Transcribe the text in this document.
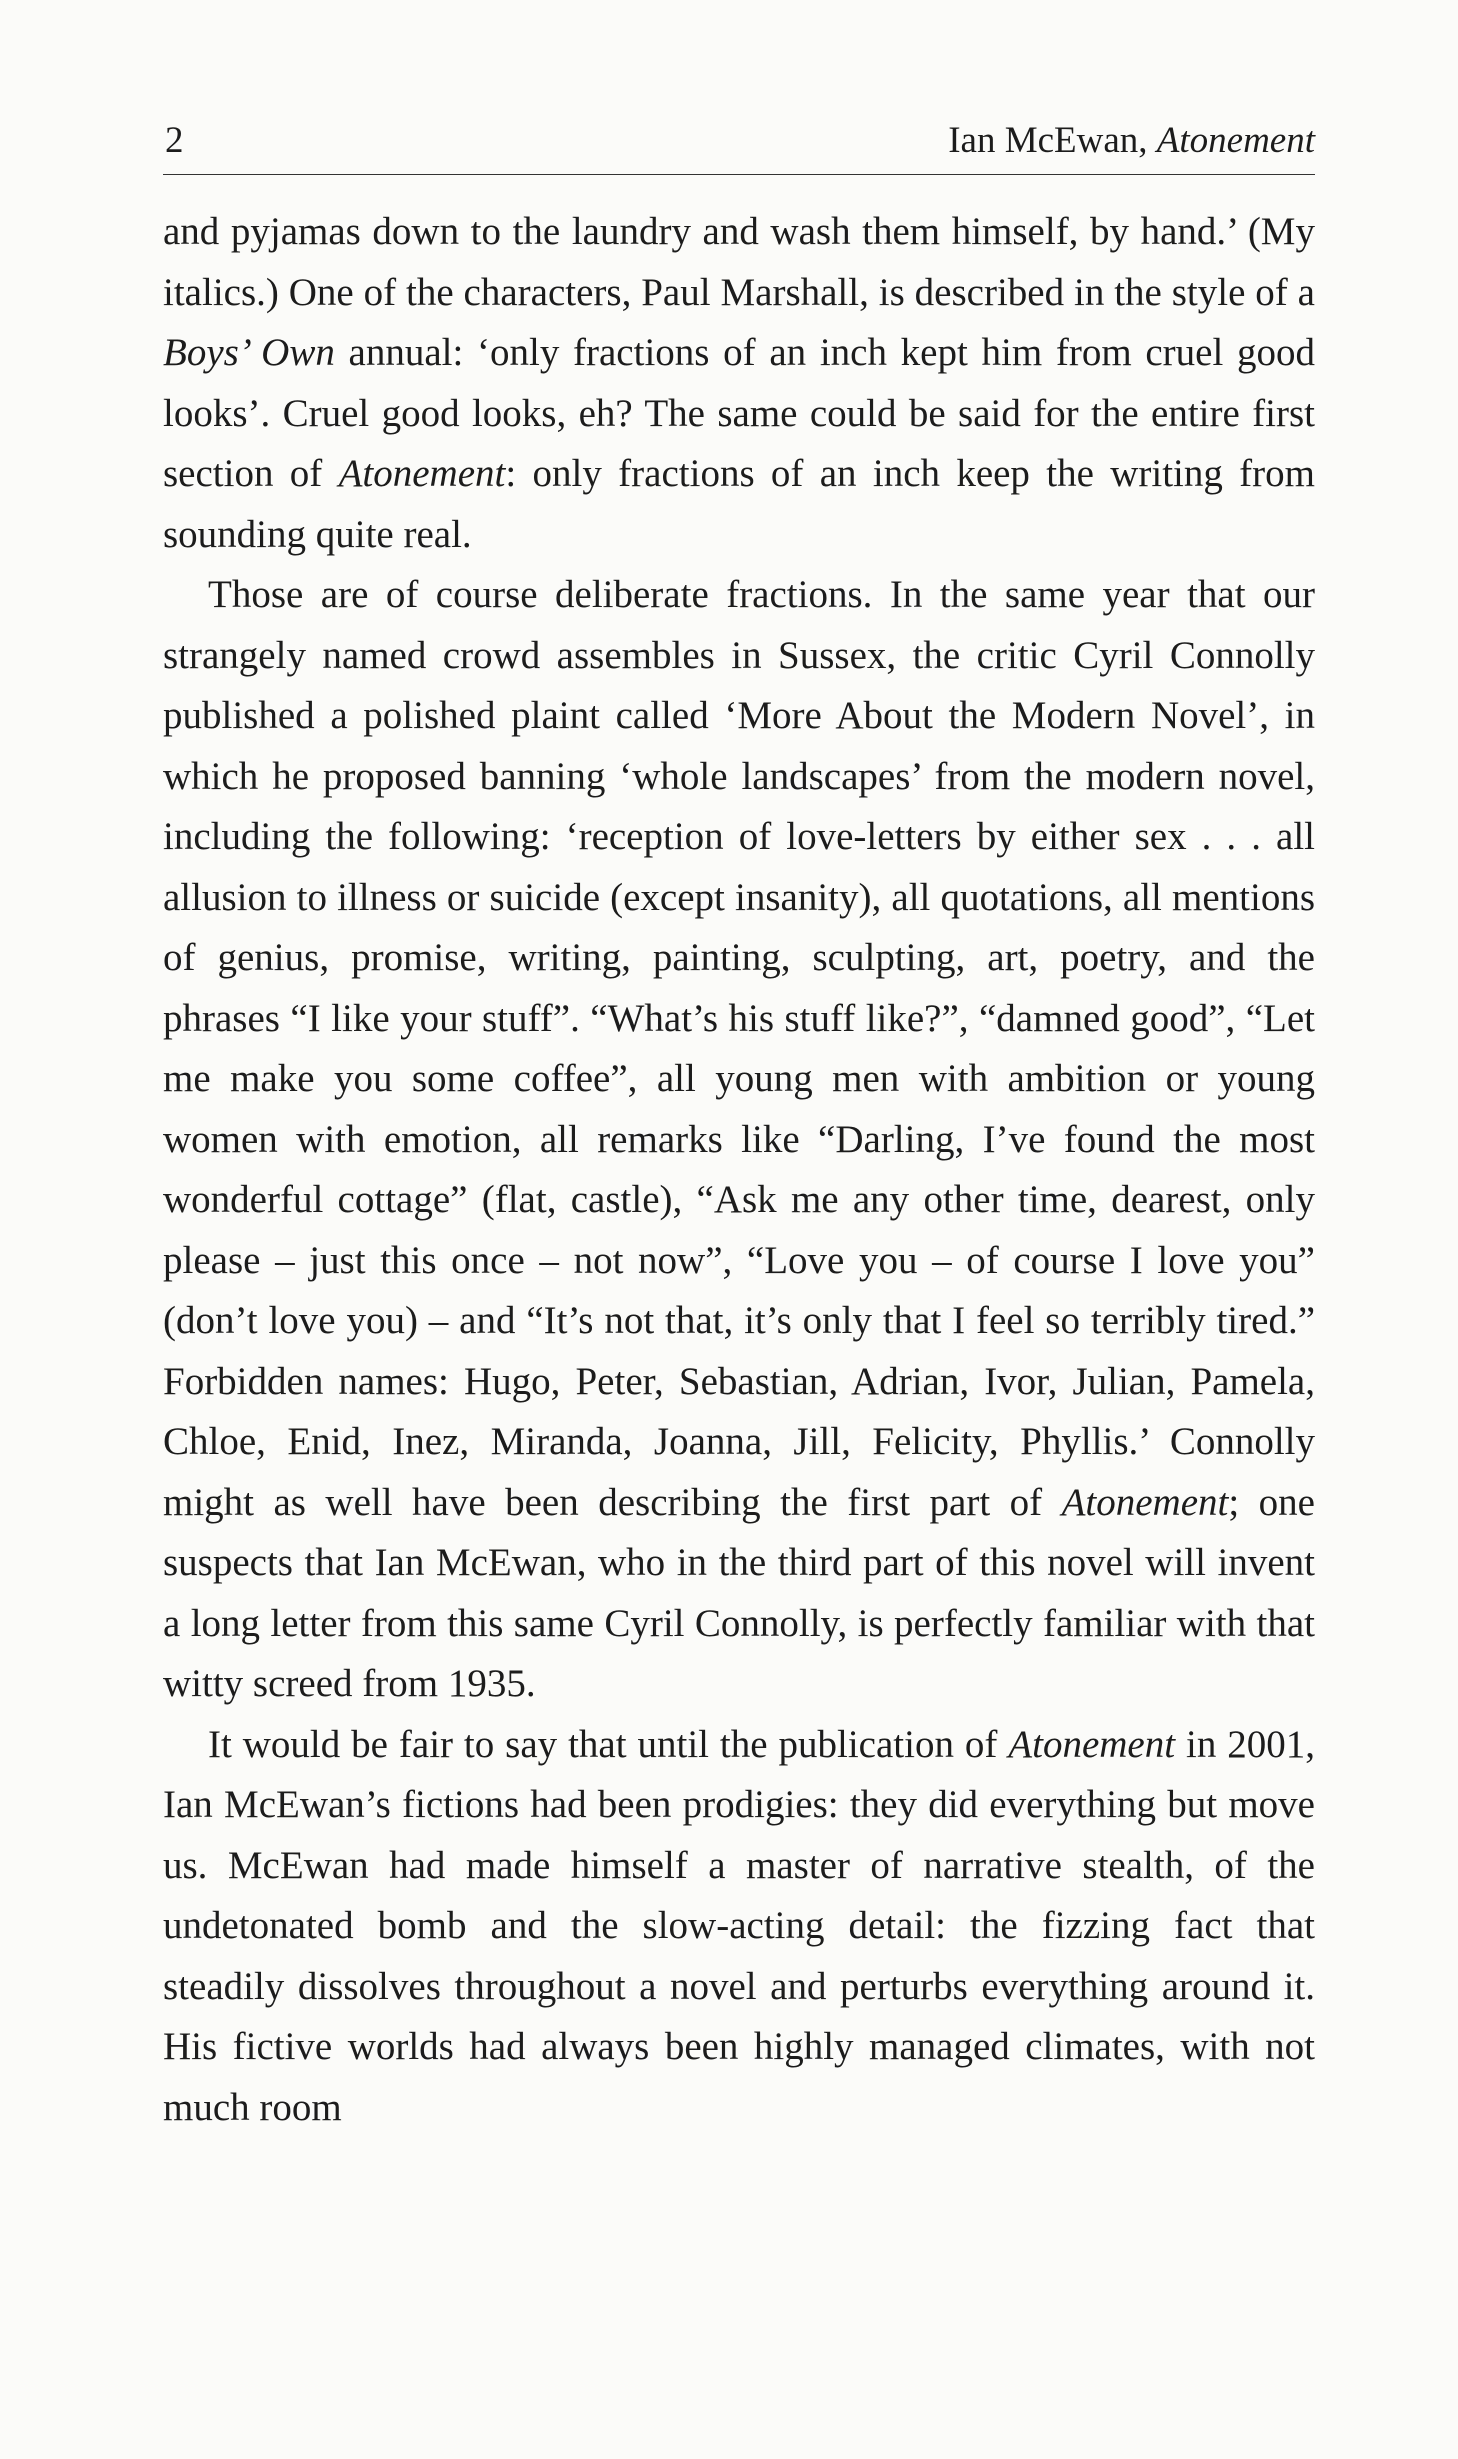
2	Ian McEwan, Atonement

and pyjamas down to the laundry and wash them himself, by hand.’ (My italics.) One of the characters, Paul Marshall, is described in the style of a Boys’ Own annual: ‘only fractions of an inch kept him from cruel good looks’. Cruel good looks, eh? The same could be said for the entire first section of Atonement: only fractions of an inch keep the writing from sounding quite real.

Those are of course deliberate fractions. In the same year that our strangely named crowd assembles in Sussex, the critic Cyril Connolly published a polished plaint called ‘More About the Modern Novel’, in which he proposed banning ‘whole landscapes’ from the modern novel, including the following: ‘reception of love-letters by either sex . . . all allusion to illness or suicide (except insanity), all quotations, all mentions of genius, promise, writing, painting, sculpting, art, poetry, and the phrases “I like your stuff”. “What’s his stuff like?”, “damned good”, “Let me make you some coffee”, all young men with ambition or young women with emotion, all remarks like “Darling, I’ve found the most wonderful cottage” (flat, castle), “Ask me any other time, dearest, only please – just this once – not now”, “Love you – of course I love you” (don’t love you) – and “It’s not that, it’s only that I feel so terribly tired.” Forbidden names: Hugo, Peter, Sebastian, Adrian, Ivor, Julian, Pamela, Chloe, Enid, Inez, Miranda, Joanna, Jill, Felicity, Phyllis.’ Connolly might as well have been describing the first part of Atonement; one suspects that Ian McEwan, who in the third part of this novel will invent a long letter from this same Cyril Connolly, is perfectly familiar with that witty screed from 1935.

It would be fair to say that until the publication of Atonement in 2001, Ian McEwan’s fictions had been prodigies: they did everything but move us. McEwan had made himself a master of narrative stealth, of the undetonated bomb and the slow-acting detail: the fizzing fact that steadily dissolves throughout a novel and perturbs everything around it. His fictive worlds had always been highly managed climates, with not much room
